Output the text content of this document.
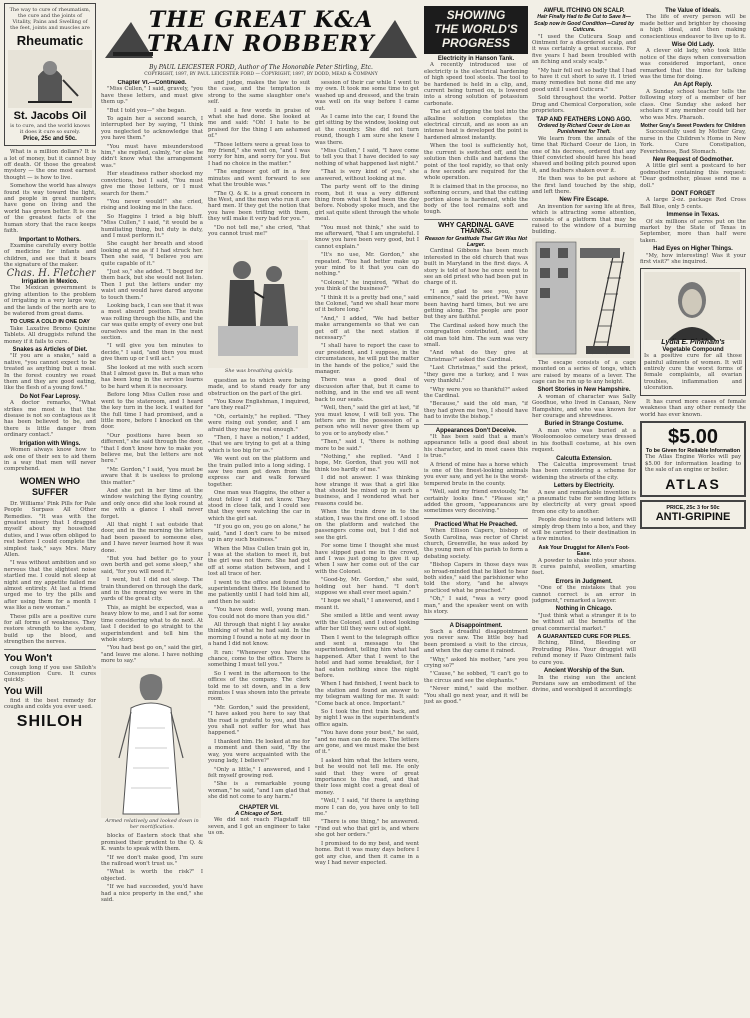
The way to cure of rheumatism, the cure and the joints of Vitality, Pains and Swelling of the feet, joints and muscles are
Rheumatic
St. Jacobs Oil
is to cure, and the world knows it does it cure so surely.
Price, 25c and 50c.

What is a million dollars? It is a lot of money, but it cannot buy off death. Of those the greatest mystery — the one most earnest thought — is how to live.

Somehow the world has always found its way toward the light, and people in great numbers have gone on living and the world has grown better. It is one of the greatest facts of the human story that the race keeps faith.

Important to Mothers.

Examine carefully every bottle of medicine for infants and children, and see that it bears the signature of the maker.

Chas. H. Fletcher
Irrigation in Mexico.

The Mexican government is giving attention to the problem of irrigating in a very large way, and the lands of the north are to be watered from great dams.

TO CURE A COLD IN ONE DAY

Take Laxative Bromo Quinine Tablets. All druggists refund the money if it fails to cure.

Snakes as Articles of Diet.

"If you are a snake," said a native, "you cannot expect to be treated as anything but a meal. In the forest country we roast them and they are good eating, like the flesh of a young fowl."

Do Not Fear Leprosy.

A doctor remarks, "What strikes me most is that the disease is not so contagious as it has been believed to be, and there is little danger from ordinary contact."

Irrigation with Wings.

Women always know how to ask one of their sex to aid them in a way that men will never comprehend.

WOMEN WHO SUFFER

Dr. Williams' Pink Pills for Pale People Surpass All Other Remedies. "It was with the greatest misery that I dragged myself about my household duties, and I was often obliged to rest before I could complete the simplest task," says Mrs. Mary Allen.

"I was without ambition and so nervous that the slightest noise startled me. I could not sleep at night and my appetite failed me almost entirely. At last a friend urged me to try the pills and after using them for a month I was like a new woman."

These pills are a positive cure for all forms of weakness. They restore strength to the system, build up the blood, and strengthen the nerves.

You Won't

cough long if you use Shiloh's Consumption Cure. It cures quickly.

You Will

find it the best remedy for coughs and colds you ever used.

SHILOH
THE GREAT K&A
TRAIN ROBBERY
By PAUL LEICESTER FORD, Author of The Honorable Peter Stirling, Etc.
COPYRIGHT, 1897, BY PAUL LEICESTER FORD — COPYRIGHT, 1897, BY DODD, MEAD & COMPANY
Chapter VI.—Continued.

"Miss Cullen," I said, gravely, "you have these letters, and must give them up."

"But I told you—" she began.

To again her a second search, I interrupted her by saying, "I think you neglected to acknowledge that you have them."

"You must have misunderstood him," she replied, calmly, "or else he didn't know what the arrangement was."

Her steadiness rather shocked my convictions, but I said, "You must give me those letters, or I must search for them."

"You never would!" she cried, rising and looking me in the face.

So Haggins I tried a big bluff. "Miss Cullen," I said, "it would be a humiliating thing, but duty is duty, and I must perform it."

She caught her breath and stood looking at me as if I had struck her. Then she said, "I believe you are quite capable of it."

"Just so," she added. "I begged for them back, but she would not listen. Then I put the letters under my waist and would have dared anyone to touch them."

Looking back, I can see that it was a most absurd position. The train was rolling through the hills, and the car was quite empty of every one but ourselves and the man in the next section.

"I will give you ten minutes to decide," I said, "and then you must give them up or I will act."

She looked at me with such scorn that I almost gave in. But a man who has been long in the service learns to be hard when it is necessary.

Before long Miss Cullen rose and went to the stateroom, and I heard the key turn in the lock. I waited for the full time I had promised, and a little more, before I knocked on the door.

"Our positions have been so different," she said through the door, "that I don't know how to make you believe me, but the letters are not here."

"Mr. Gordon," I said, "you must be aware that it is useless to prolong this matter."

And she put in her time at the window watching the flying country, and only once did she look round at me with a glance I shall never forget.

All that night I sat outside that door, and in the morning the letters had been passed to someone else, and I have never learned how it was done.

"But you had better go to your own berth and get some sleep," she said, "for you will need it."

I went, but I did not sleep. The train thundered on through the dark, and in the morning we were in the yards of the great city.

This, as might be expected, was a heavy blow to me, and I sat for some time considering what to do next. At last I decided to go straight to the superintendent and tell him the whole story.

"You had best go on," said the girl, "and leave me alone. I have nothing more to say."

Armed relatively and looked down in her mortification.

blocks of Eastern stock that she promised their prudent to the Q. & K. wants to speak with them.

"If we don't make good, I'm sure the railroad won't trust us."

"What is worth the risk?" I objected.

"If we had succeeded, you'd have had a nice property in the end," she said.

and judge, makes the law to suit the case, and the temptation is strong to the same slaughter one's self.

I said a few words in praise of what she had done. She looked at me and said: "Oh! I hate to be praised for the thing I am ashamed of."

"Those letters were a great loss to my friend," she went on, "and I was sorry for him, and sorry for you. But I had no choice in the matter."

"The engineer got off in a few minutes and went forward to see what the trouble was."

"The Q. & K. is a great concern in the West, and the men who run it are hard men. If they get the notion that you have been trifling with them, they will make it very bad for you."

"Do not tell me," she cried, "that you cannot trust me!"

She was breathing quickly.

question as to which were being made, and to stand ready for any obstruction on the part of the girl.

"You Know Englishman, I inquired, "are they real?"

"Oh, certainly," he replied. "They were rising out yonder, and I am afraid they may be real enough."

"Then, I have a notion," I added, "that we are trying to get at a thing which is too big for us."

We went out on the platform and the train pulled into a long siding. I saw two men get down from the express car and walk forward together.

One man was Haggins, the other a stout fellow I did not know. They stood in close talk, and I could see that they were watching the car in which the girl sat.

"If you go on, you go on alone," he said, "and I don't care to be mixed up in any such business."

When the Miss Cullen train got in, I was at the station to meet it, but the girl was not there. She had got off at some station between, and I lost all trace of her.

I went to the office and found the superintendent there. He listened to me patiently until I had told him all, and then he said:

"You have done well, young man. You could not do more than you did."

All through that night I lay awake thinking of what he had said. In the morning I found a note at my door in a hand I did not know.

It ran: "Whenever you have the chance, come to the office. There is something I must tell you."

So I went in the afternoon to the offices of the company. The clerk told me to sit down, and in a few minutes I was shown into the private room.

"Mr. Gordon," said the president, "I have asked you here to say that the road is grateful to you, and that you shall not suffer for what has happened."

I thanked him. He looked at me for a moment and then said, "By the way, you were acquainted with the young lady, I believe?"

"Only a little," I answered, and I felt myself growing red.

"She is a remarkable young woman," he said, "and I am glad that she did not come to any harm."

CHAPTER VII.
A Chicago of Sort.

We did not reach Flagstaff till seven, and I got an engineer to take us on.

session of their car while I went to my own. It took me some time to get washed up and dressed, and the train was well on its way before I came out.

As I came into the car, I found the girl sitting by the window, looking out at the country. She did not turn round, though I am sure she knew I was there.

"Miss Cullen," I said, "I have come to tell you that I have decided to say nothing of what happened last night."

"That is very kind of you," she answered, without looking at me.

The party went off to the dining room, but it was a very different thing from what it had been the day before. Nobody spoke much, and the girl sat quite silent through the whole meal.

"You must not think," she said to me afterward, "that I am ungrateful. I know you have been very good, but I cannot explain."

"It's no use, Mr. Gordon," she repeated. "You had better make up your mind to it that you can do nothing."

"Colonel," he inquired, "What do you think of the business?"

"I think it is a pretty bad one," said the Colonel, "and we shall hear more of it before long."

"And," I added, "We had better make arrangements so that we can get off at the next station if necessary."

"I shall have to report the case to our president, and I suppose, in the circumstances, he will put the matter in the hands of the police," said the manager.

There was a good deal of discussion after that, but it came to nothing, and in the end we all went back to our seats.

"Well, then," said the girl at last, "if you must know, I will tell you. The letters are in the possession of a person who will never give them up to you or to anybody else."

"Then," said I, "there is nothing more to be said."

"Nothing," she replied. "And I hope, Mr. Gordon, that you will not think too hardly of me."

I did not answer. I was thinking how strange it was that a girl like that should be mixed up in such a business, and I wondered what her reasons could be.

When the train drew in to the station, I was the first one off. I stood on the platform and watched the passengers come out, but I did not see the girl.

For some time I thought she must have slipped past me in the crowd, and I was just going to give it up when I saw her come out of the car with the Colonel.

"Good-by, Mr. Gordon," she said, holding out her hand. "I don't suppose we shall ever meet again."

"I hope we shall," I answered, and I meant it.

She smiled a little and went away with the Colonel, and I stood looking after her till they were out of sight.

Then I went to the telegraph office and sent a message to the superintendent, telling him what had happened. After that I went to the hotel and had some breakfast, for I had eaten nothing since the night before.

When I had finished, I went back to the station and found an answer to my telegram waiting for me. It said: "Come back at once. Important."

So I took the first train back, and by night I was in the superintendent's office again.

"You have done your best," he said, "and no man can do more. The letters are gone, and we must make the best of it."

I asked him what the letters were, but he would not tell me. He only said that they were of great importance to the road, and that their loss might cost a great deal of money.

"Well," I said, "if there is anything more I can do, you have only to tell me."

"There is one thing," he answered. "Find out who that girl is, and where she got her orders."

I promised to do my best, and went home. But it was many days before I got any clue, and then it came in a way I had never expected.

SHOWING
THE WORLD'S
PROGRESS
Electricity in Hanson Tank.

A recently introduced use of electricity is the electrical hardening of high speed tool steels. The tool to be hardened is held in a clip, and, current being turned on, is lowered into a strong solution of potassium carbonate.

The act of dipping the tool into the alkaline solution completes the electrical circuit, and as soon as an intense heat is developed the point is hardened almost instantly.

When the tool is sufficiently hot, the current is switched off, and the solution then chills and hardens the point of the tool rapidly, so that only a few seconds are required for the whole operation.

It is claimed that in the process, no softening occurs, and that the cutting portion alone is hardened, while the body of the tool remains soft and tough.

WHY CARDINAL GAVE THANKS.
Reason for Gratitude That Gift Was Not Larger.

Cardinal Gibbons has been much interested in the old church that was built in Maryland in the first days. A story is told of how he once went to see an old priest who had been put in charge of it.

"I am glad to see you, your eminence," said the priest. "We have been having hard times, but we are getting along. The people are poor but they are faithful."

The Cardinal asked how much the congregation contributed, and the old man told him. The sum was very small.

"And what do they give at Christmas?" asked the Cardinal.

"Last Christmas," said the priest, "they gave me a turkey, and I was very thankful."

"Why were you so thankful?" asked the Cardinal.

"Because," said the old man, "if they had given me two, I should have had to invite the bishop."

Appearances Don't Deceive.

"It has been said that a man's appearance tells a good deal about his character, and in most cases this is true."

A friend of mine has a horse which is one of the finest-looking animals you ever saw, and yet he is the worst-tempered brute in the county.

"Well, said my friend enviously, "he certainly looks fine." "Please sir," added the groom, "appearances are sometimes very deceiving."

Practiced What He Preached.

When Ellison Capers, bishop of South Carolina, was rector of Christ church, Greenville, he was asked by the young men of his parish to form a debating society.

"Bishop Capers in those days was so broad-minded that he liked to hear both sides," said the parishioner who told the story, "and he always practiced what he preached."

"Oh," I said, "was a very good man," and the speaker went on with his story.

A Disappointment.

Such a dreadful disappointment you never saw. The little boy had been promised a visit to the circus, and when the day came it rained.

"Why," asked his mother, "are you crying so?"

"'Cause," he sobbed, "I can't go to the circus and see the elephants."

"Never mind," said the mother. "You shall go next year, and it will be just as good."

AWFUL ITCHING ON SCALP.
Hair Finally Had to Be Cut to Save It—Scalp now in Good Condition—Cured by Cuticura.

"I used the Cuticura Soap and Ointment for a disordered scalp, and it was certainly a great success. For five years I had been troubled with an itching and scaly scalp."

"My hair fell out so badly that I had to have it cut short to save it. I tried many remedies but none did me any good until I used Cuticura."

Sold throughout the world. Potter Drug and Chemical Corporation, sole proprietors.

TAP AND FEATHERS LONG AGO.
Ordered by Richard Coeur de Lion as Punishment for Theft.

We learn from the annals of the time that Richard Coeur de Lion, in one of his decrees, ordered that any thief convicted should have his head shaved and boiling pitch poured upon it, and feathers shaken over it.

He then was to be put ashore at the first land touched by the ship, and left there.

New Fire Escape.

An invention for saving life at fires, which is attracting some attention, consists of a platform that may be raised to the window of a burning building.

The escape consists of a cage mounted on a series of tongs, which are raised by means of a lever. The cage can be run up to any height.

Short Stories in New Hampshire.

A woman of character was Sally Goodhue, who lived in Canaan, New Hampshire, and who was known for her courage and shrewdness.

Buried in Strange Costume.

A man who was buried at a Wooloomooloo cemetery was dressed in his football costume, at his own request.

Calcutta Extension.

The Calcutta improvement trust has been considering a scheme for widening the streets of the city.

Letters by Electricity.

A new and remarkable invention is a pneumatic tube for sending letters by electricity at very great speed from one city to another.

People desiring to send letters will simply drop them into a box, and they will be carried to their destination in a few minutes.

Ask Your Druggist for Allen's Foot-Ease.

A powder to shake into your shoes. It cures painful, swollen, smarting feet.

Errors in Judgment.

"One of the mistakes that you cannot correct is an error in judgment," remarked a lawyer.

Nothing in Chicago.

"Just think what a stranger it is to be without all the benefits of the great commercial market."

A GUARANTEED CURE FOR PILES.

Itching, Blind, Bleeding or Protruding Piles. Your druggist will refund money if Pazo Ointment fails to cure you.

Ancient Worship of the Sun.

In the rising sun the ancient Persians saw an embodiment of the divine, and worshiped it accordingly.

The Value of Ideals.

The life of every person will be made better and brighter by choosing a high ideal, and then making conscientious endeavor to live up to it.

Wise Old Lady.

A clever old lady, who took little notice of the days when conversation was considered important, once remarked that the time for talking was the time for doing.

An Apt Reply.

A Sunday school teacher tells the following story of a member of her class. One Sunday she asked her scholars if any member could tell her who was Mrs. Pharaoh.

Mother Gray's Sweet Powders for Children

Successfully used by Mother Gray, nurse in the Children's Home in New York. Cure Constipation, Feverishness, Bad Stomach.

New Request of Godmother.

A little girl sent a postcard to her godmother containing this request: "Dear godmother, please send me a doll."

DONT FORGET

A large 2-oz. package Red Cross Ball Blue, only 5 cents.

Immense in Texas.

Of six millions of acres put on the market by the State of Texas in September, more than half were taken.

Had Eyes on Higher Things.

"My, how interesting! Was it your first visit?" she inquired.

Lydia E. Pinkham's
Vegetable Compound
Is a positive cure for all those painful ailments of women. It will entirely cure the worst forms of female complaints, all ovarian troubles, inflammation and ulceration.

It has cured more cases of female weakness than any other remedy the world has ever known.

$5.00
To be Given for Reliable Information
The Atlas Engine Works will pay $5.00 for information leading to the sale of an engine or boiler.
ATLAS
PRICE, 25c 3 for 50c
ANTI-GRIPINE
